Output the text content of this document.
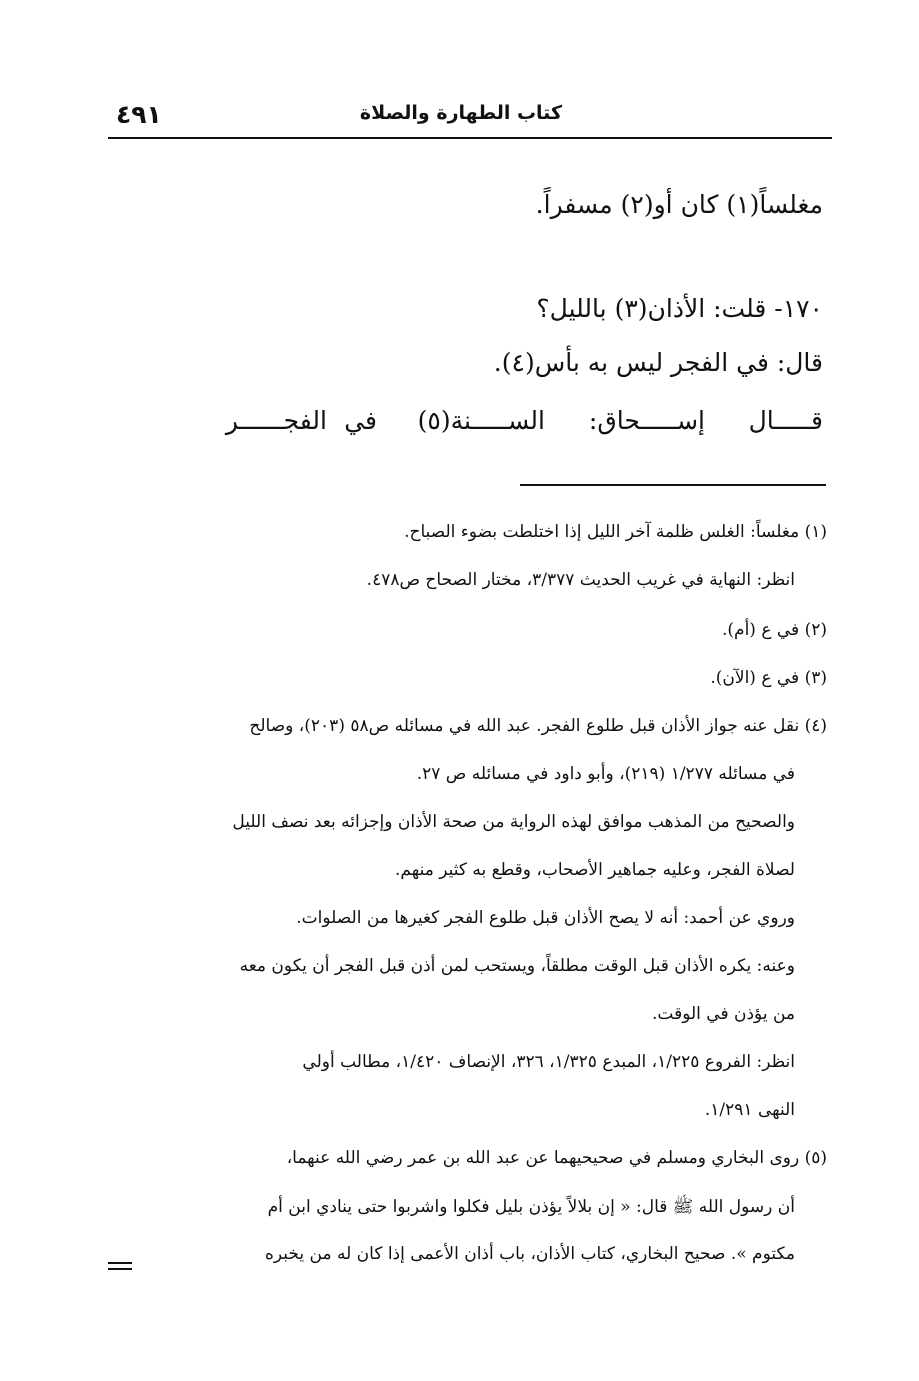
٤٩١	كتاب الطهارة والصلاة
مغلساً(١) كان أو(٢) مسفراً.
١٧٠- قلت: الأذان(٣) بالليل؟
قال: في الفجر ليس به بأس(٤).
قـــــال
إســـــحاق:
الســـــنة(٥)
في
الفجــــــر
(١) مغلساً: الغلس ظلمة آخر الليل إذا اختلطت بضوء الصباح.
انظر: النهاية في غريب الحديث ٣/٣٧٧، مختار الصحاح ص٤٧٨.
(٢) في ع (أم).
(٣) في ع (الآن).
(٤) نقل عنه جواز الأذان قبل طلوع الفجر. عبد الله في مسائله ص٥٨ (٢٠٣)، وصالح
في مسائله ١/٢٧٧ (٢١٩)، وأبو داود في مسائله ص ٢٧.
والصحيح من المذهب موافق لهذه الرواية من صحة الأذان وإجزائه بعد نصف الليل
لصلاة الفجر، وعليه جماهير الأصحاب، وقطع به كثير منهم.
وروي عن أحمد: أنه لا يصح الأذان قبل طلوع الفجر كغيرها من الصلوات.
وعنه: يكره الأذان قبل الوقت مطلقاً، ويستحب لمن أذن قبل الفجر أن يكون معه
من يؤذن في الوقت.
انظر: الفروع ١/٢٢٥، المبدع ١/٣٢٥، ٣٢٦، الإنصاف ١/٤٢٠، مطالب أولي
النهى ١/٢٩١.
(٥) روى البخاري ومسلم في صحيحيهما عن عبد الله بن عمر رضي الله عنهما،
أن رسول الله ﷺ قال: « إن بلالاً يؤذن بليل فكلوا واشربوا حتى ينادي ابن أم
مكتوم ». صحيح البخاري، كتاب الأذان، باب أذان الأعمى إذا كان له من يخبره
